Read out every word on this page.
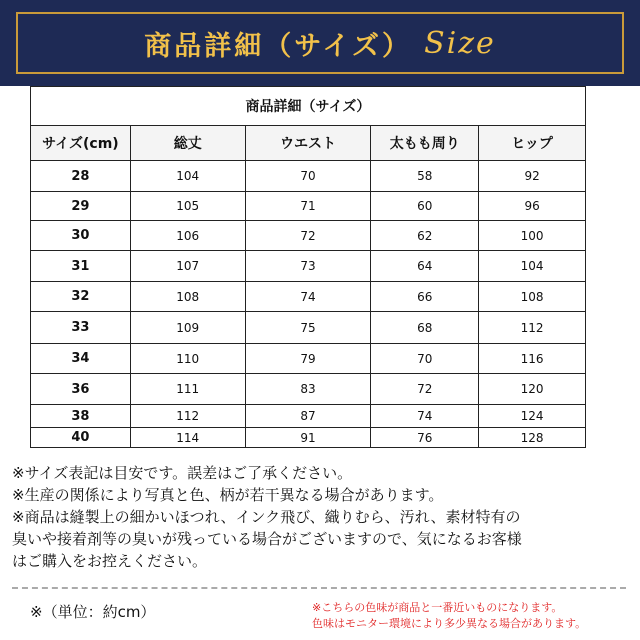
商品詳細（サイズ） Size
商品詳細（サイズ）				
サイズ(cm)	総丈	ウエスト	太もも周り	ヒップ
28	104	70	58	92
29	105	71	60	96
30	106	72	62	100
31	107	73	64	104
32	108	74	66	108
33	109	75	68	112
34	110	79	70	116
36	111	83	72	120
38	112	87	74	124
40	114	91	76	128
※サイズ表記は目安です。誤差はご了承ください。
※生産の関係により写真と色、柄が若干異なる場合があります。
※商品は縫製上の細かいほつれ、インク飛び、織りむら、汚れ、素材特有の
臭いや接着剤等の臭いが残っている場合がございますので、気になるお客様
はご購入をお控えください。
※（単位：約cm）	※こちらの色味が商品と一番近いものになります。
色味はモニター環境により多少異なる場合があります。
